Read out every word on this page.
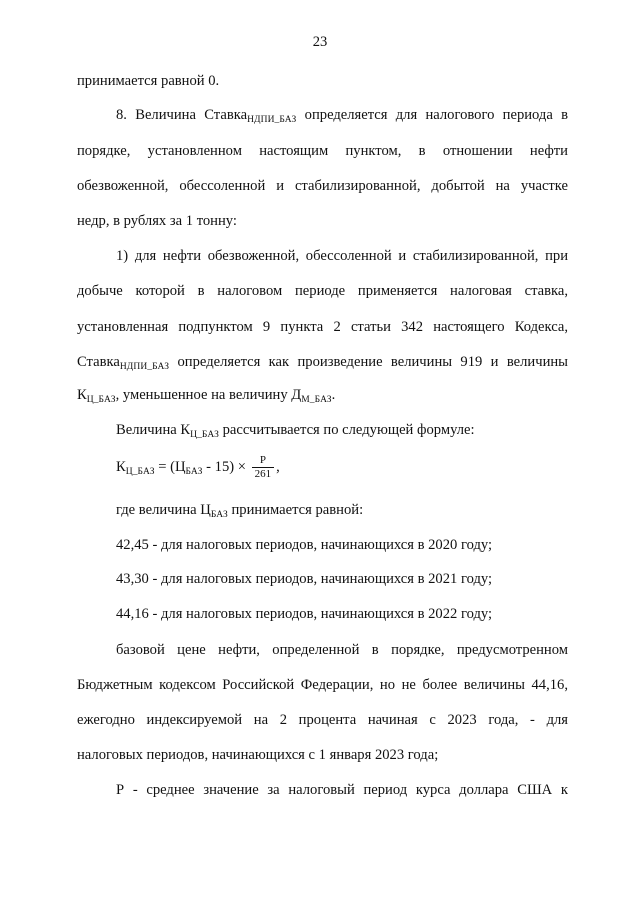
23
принимается равной 0.
8. Величина Ставка$_{НДПИ\_БАЗ}$ определяется для налогового периода в
порядке, установленном настоящим пунктом, в отношении нефти
обезвоженной, обессоленной и стабилизированной, добытой на участке
недр, в рублях за 1 тонну:
1) для нефти обезвоженной, обессоленной и стабилизированной, при
добыче которой в налоговом периоде применяется налоговая ставка,
установленная подпунктом 9 пункта 2 статьи 342 настоящего Кодекса,
Ставка$_{НДПИ\_БАЗ}$ определяется как произведение величины 919 и величины
$К_{Ц\_БАЗ}$, уменьшенное на величину $Д_{М\_БАЗ}$.
Величина $К_{Ц\_БАЗ}$ рассчитывается по следующей формуле:
$К_{Ц\_БАЗ} = (Ц_{БАЗ} - 15) \times \frac{Р}{261}$ ,
где величина $Ц_{БАЗ}$ принимается равной:
42,45 - для налоговых периодов, начинающихся в 2020 году;
43,30 - для налоговых периодов, начинающихся в 2021 году;
44,16 - для налоговых периодов, начинающихся в 2022 году;
базовой цене нефти, определенной в порядке, предусмотренном
Бюджетным кодексом Российской Федерации, но не более величины 44,16,
ежегодно индексируемой на 2 процента начиная с 2023 года, - для
налоговых периодов, начинающихся с 1 января 2023 года;
Р - среднее значение за налоговый период курса доллара США к
